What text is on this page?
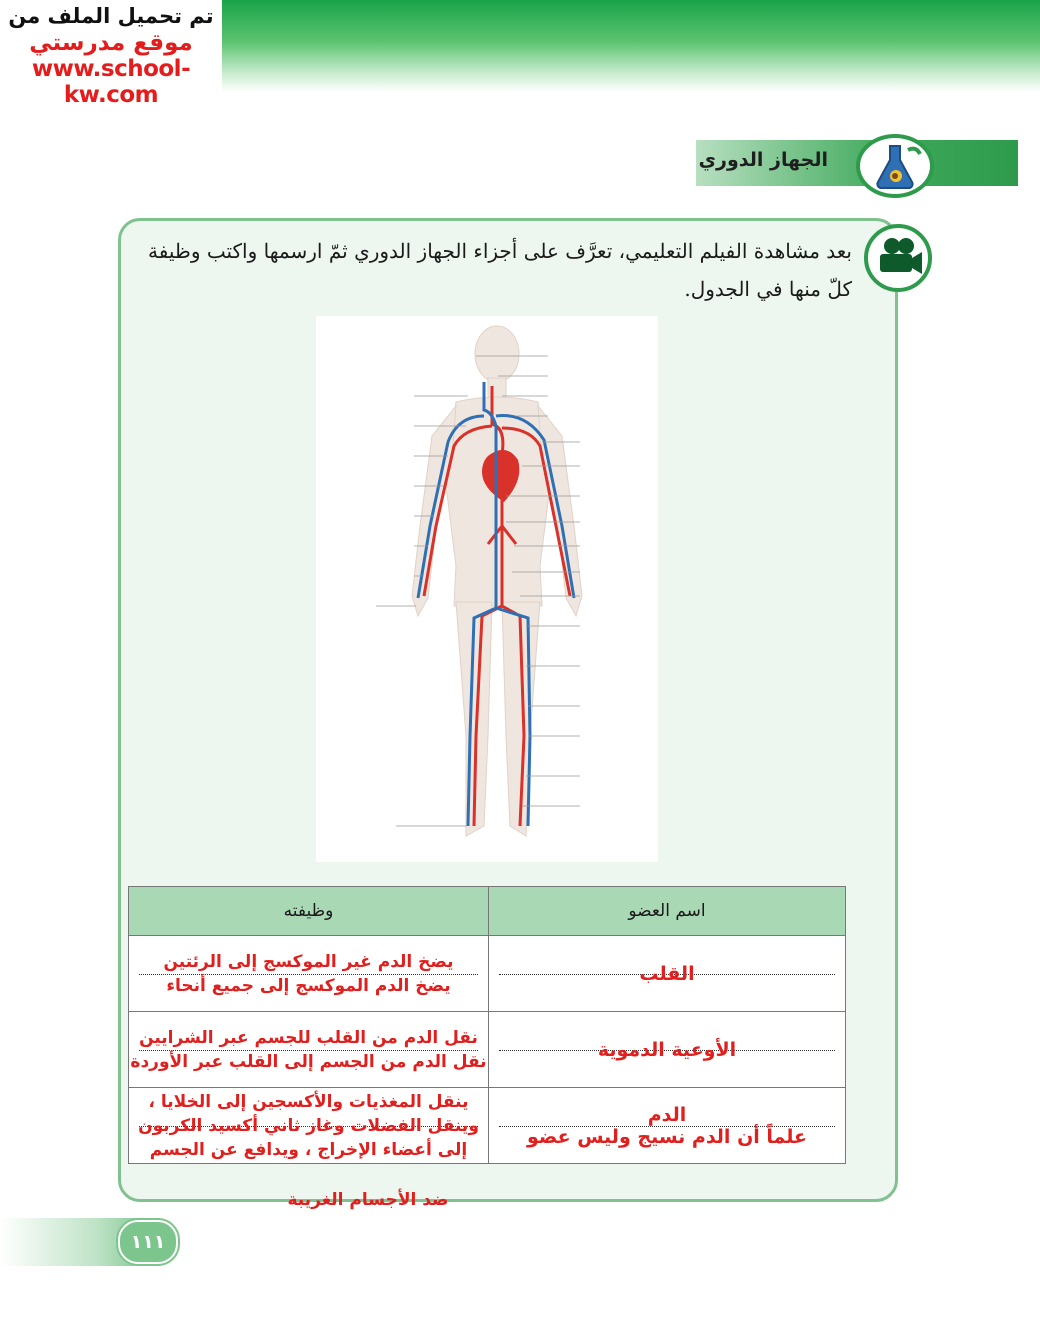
تم تحميل الملف من
موقع مدرستي
www.school-kw.com
الجهاز الدوري
بعد مشاهدة الفيلم التعليمي، تعرَّف على أجزاء الجهاز الدوري ثمّ ارسمها واكتب وظيفة كلّ منها في الجدول.
اسم العضو	وظيفته

القلب	يضخ الدم غير الموكسج إلى الرئتين
يضخ الدم الموكسج إلى جميع أنحاء

الأوعية الدموية	نقل الدم من القلب للجسم عبر الشرايين
نقل الدم من الجسم إلى القلب عبر الأوردة

الدم
علماً أن الدم نسيج وليس عضو	ينقل المغذيات والأكسجين إلى الخلايا ،
وينقل الفضلات وغاز ثاني أكسيد الكربون
إلى أعضاء الإخراج ، ويدافع عن الجسم
ضد الأجسام الغريبة
١١١
